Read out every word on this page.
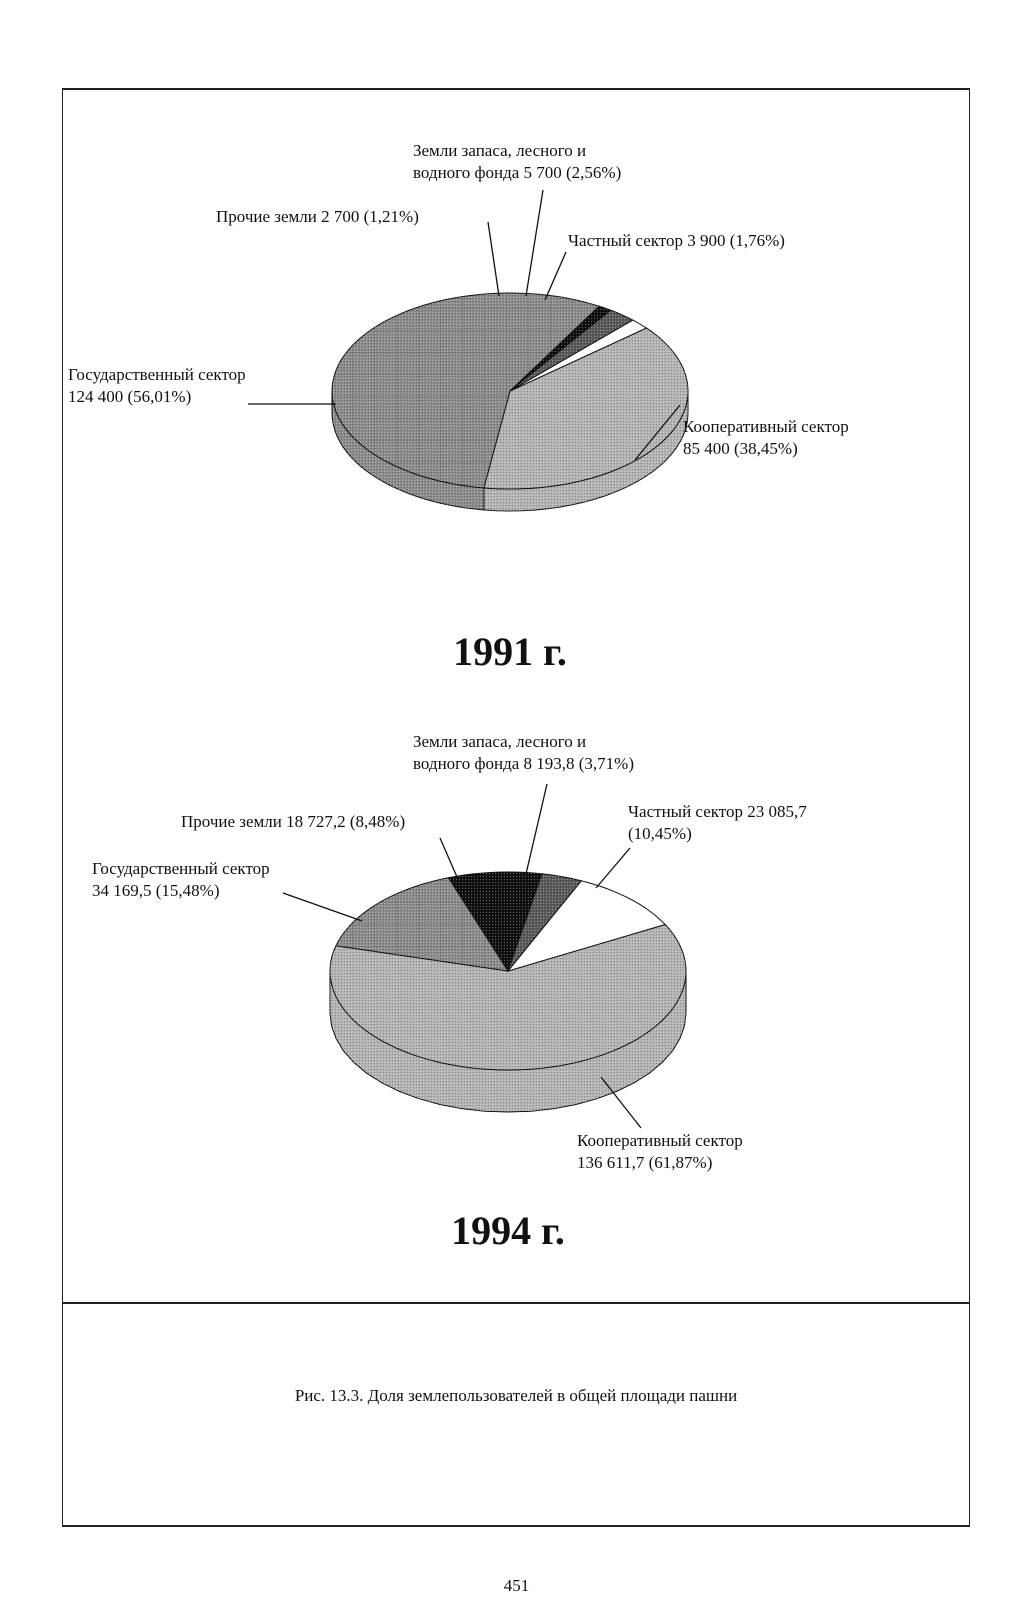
Кооперативный сектор
85 400 (38,45%)
Государственный сектор
124 400 (56,01%)
Прочие земли 2 700 (1,21%)
Земли запаса, лесного и
водного фонда 5 700 (2,56%)
Частный сектор 3 900 (1,76%)
1991 г.
Кооперативный сектор
136 611,7 (61,87%)
Государственный сектор
34 169,5 (15,48%)
Прочие земли 18 727,2 (8,48%)
Земли запаса, лесного и
водного фонда 8 193,8 (3,71%)
Частный сектор 23 085,7
(10,45%)
1994 г.
Рис. 13.3. Доля землепользователей в общей площади пашни
451
